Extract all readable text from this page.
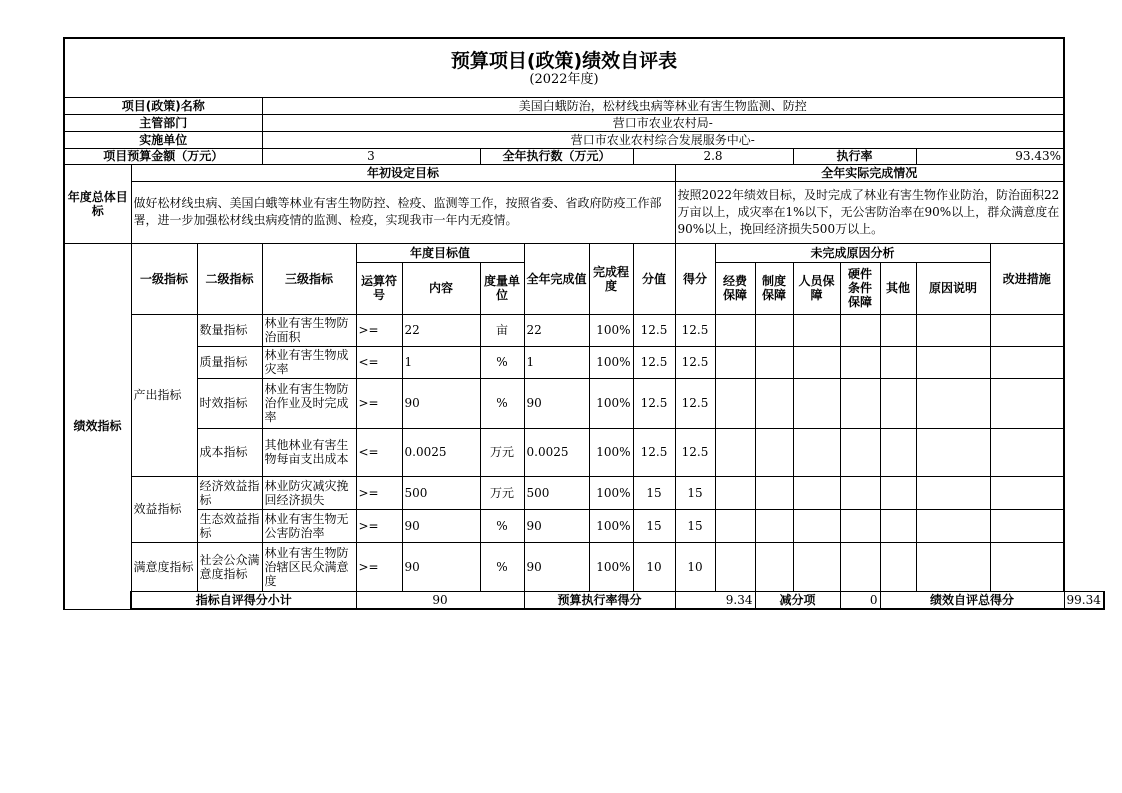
预算项目(政策)绩效自评表
(2022年度)																		

项目(政策)名称			美国白蛾防治，松材线虫病等林业有害生物监测、防控															
主管部门			营口市农业农村局-															
实施单位			营口市农业农村综合发展服务中心-															
项目预算金额（万元）			3			全年执行数（万元）			2.8				执行率			93.43%		
年度总体目标	年初设定目标									全年实际完成情况								
	做好松材线虫病、美国白蛾等林业有害生物防控、检疫、监测等工作，按照省委、省政府防疫工作部署，进一步加强松材线虫病疫情的监测、检疫，实现我市一年内无疫情。									按照2022年绩效目标，及时完成了林业有害生物作业防治，防治面积22万亩以上，成灾率在1%以下，无公害防治率在90%以上，群众满意度在90%以上，挽回经济损失500万以上。								
绩效指标	一级指标	二级指标	三级指标	年度目标值			全年完成值	完成程度	分值	得分	未完成原因分析						改进措施	
				运算符号	内容	度量单位					经费保障	制度保障	人员保障	硬件条件保障	其他	原因说明		

	产出指标	数量指标	林业有害生物防治面积	>=	22	亩	22	100%	12.5	12.5								
		质量指标	林业有害生物成灾率	<=	1	%	1	100%	12.5	12.5								
		时效指标	林业有害生物防治作业及时完成率	>=	90	%	90	100%	12.5	12.5								
		成本指标	其他林业有害生物每亩支出成本	<=	0.0025	万元	0.0025	100%	12.5	12.5								
	效益指标	经济效益指标	林业防灾减灾挽回经济损失	>=	500	万元	500	100%	15	15								
		生态效益指标	林业有害生物无公害防治率	>=	90	%	90	100%	15	15								
	满意度指标	社会公众满意度指标	林业有害生物防治辖区民众满意度	>=	90	%	90	100%	10	10								
	指标自评得分小计			90			预算执行率得分			9.34		减分项		0	绩效自评总得分			99.34
